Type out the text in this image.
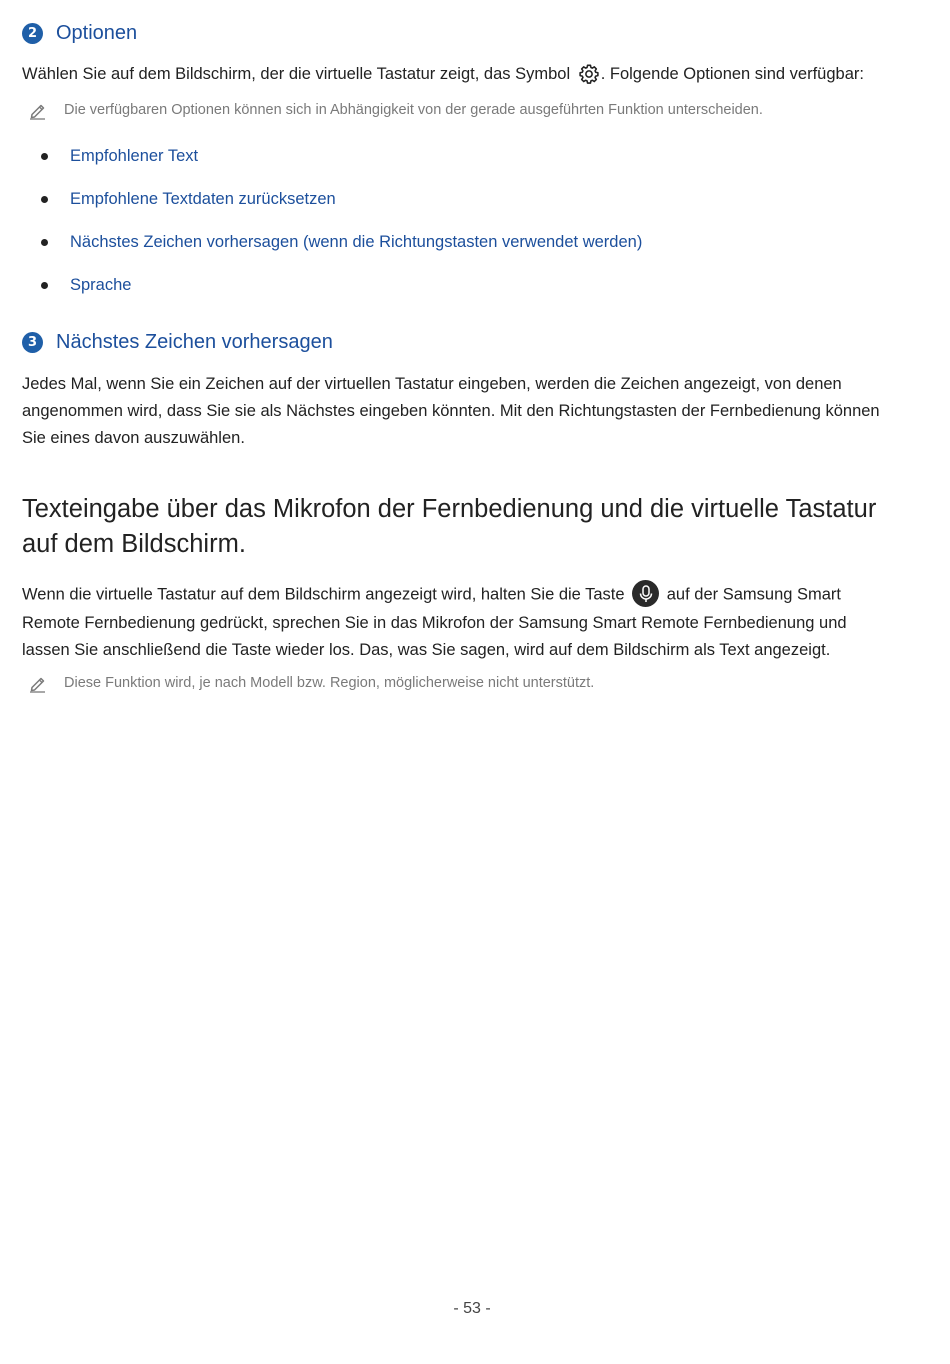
2 Optionen
Wählen Sie auf dem Bildschirm, der die virtuelle Tastatur zeigt, das Symbol . Folgende Optionen sind verfügbar:
Die verfügbaren Optionen können sich in Abhängigkeit von der gerade ausgeführten Funktion unterscheiden.
Empfohlener Text
Empfohlene Textdaten zurücksetzen
Nächstes Zeichen vorhersagen (wenn die Richtungstasten verwendet werden)
Sprache
3 Nächstes Zeichen vorhersagen
Jedes Mal, wenn Sie ein Zeichen auf der virtuellen Tastatur eingeben, werden die Zeichen angezeigt, von denen angenommen wird, dass Sie sie als Nächstes eingeben könnten. Mit den Richtungstasten der Fernbedienung können Sie eines davon auszuwählen.
Texteingabe über das Mikrofon der Fernbedienung und die virtuelle Tastatur auf dem Bildschirm.
Wenn die virtuelle Tastatur auf dem Bildschirm angezeigt wird, halten Sie die Taste
auf der Samsung Smart Remote Fernbedienung gedrückt, sprechen Sie in das Mikrofon der Samsung Smart Remote Fernbedienung und lassen Sie anschließend die Taste wieder los. Das, was Sie sagen, wird auf dem Bildschirm als Text angezeigt.
Diese Funktion wird, je nach Modell bzw. Region, möglicherweise nicht unterstützt.
- 53 -
